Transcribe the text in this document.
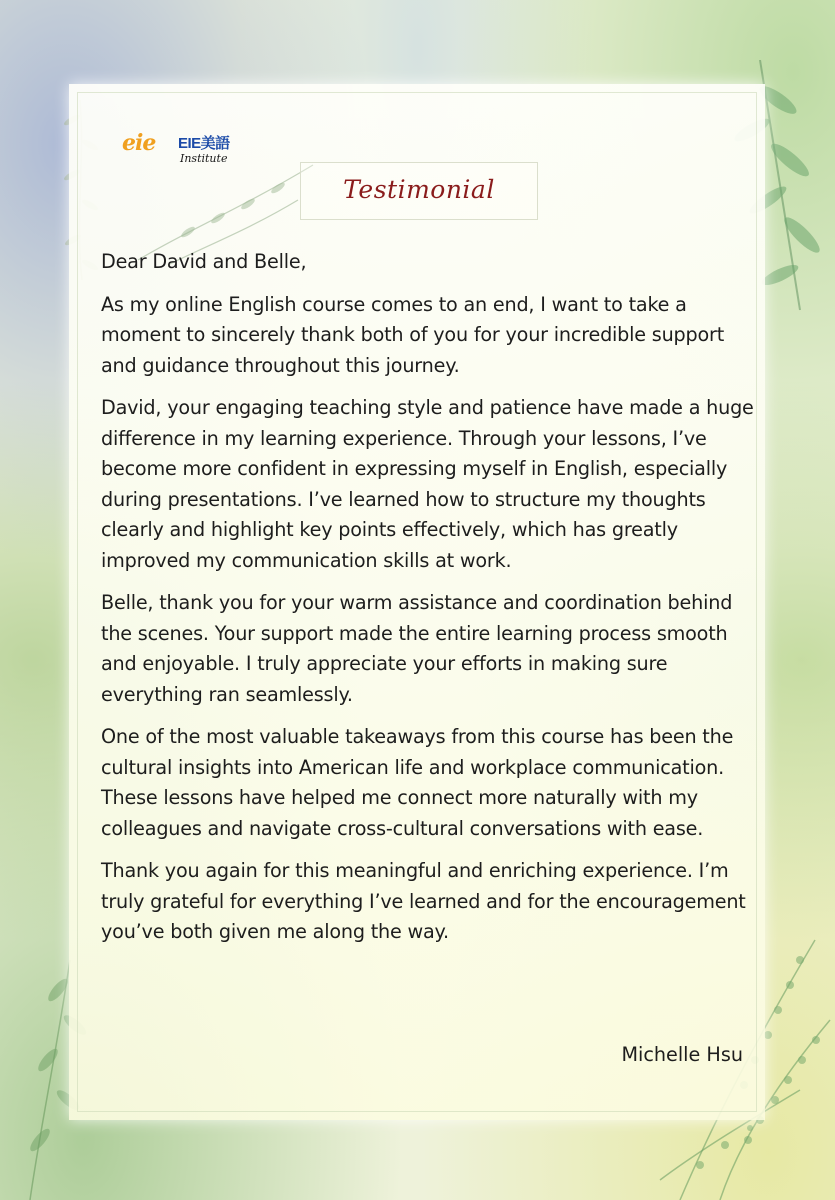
eie EIE美語
Institute
Testimonial

Dear David and Belle,

As my online English course comes to an end, I want to take a moment to sincerely thank both of you for your incredible support and guidance throughout this journey.

David, your engaging teaching style and patience have made a huge difference in my learning experience. Through your lessons, I’ve become more confident in expressing myself in English, especially during presentations. I’ve learned how to structure my thoughts clearly and highlight key points effectively, which has greatly improved my communication skills at work.

Belle, thank you for your warm assistance and coordination behind the scenes. Your support made the entire learning process smooth and enjoyable. I truly appreciate your efforts in making sure everything ran seamlessly.

One of the most valuable takeaways from this course has been the cultural insights into American life and workplace communication. These lessons have helped me connect more naturally with my colleagues and navigate cross-cultural conversations with ease.

Thank you again for this meaningful and enriching experience. I’m truly grateful for everything I’ve learned and for the encouragement you’ve both given me along the way.

Michelle Hsu
